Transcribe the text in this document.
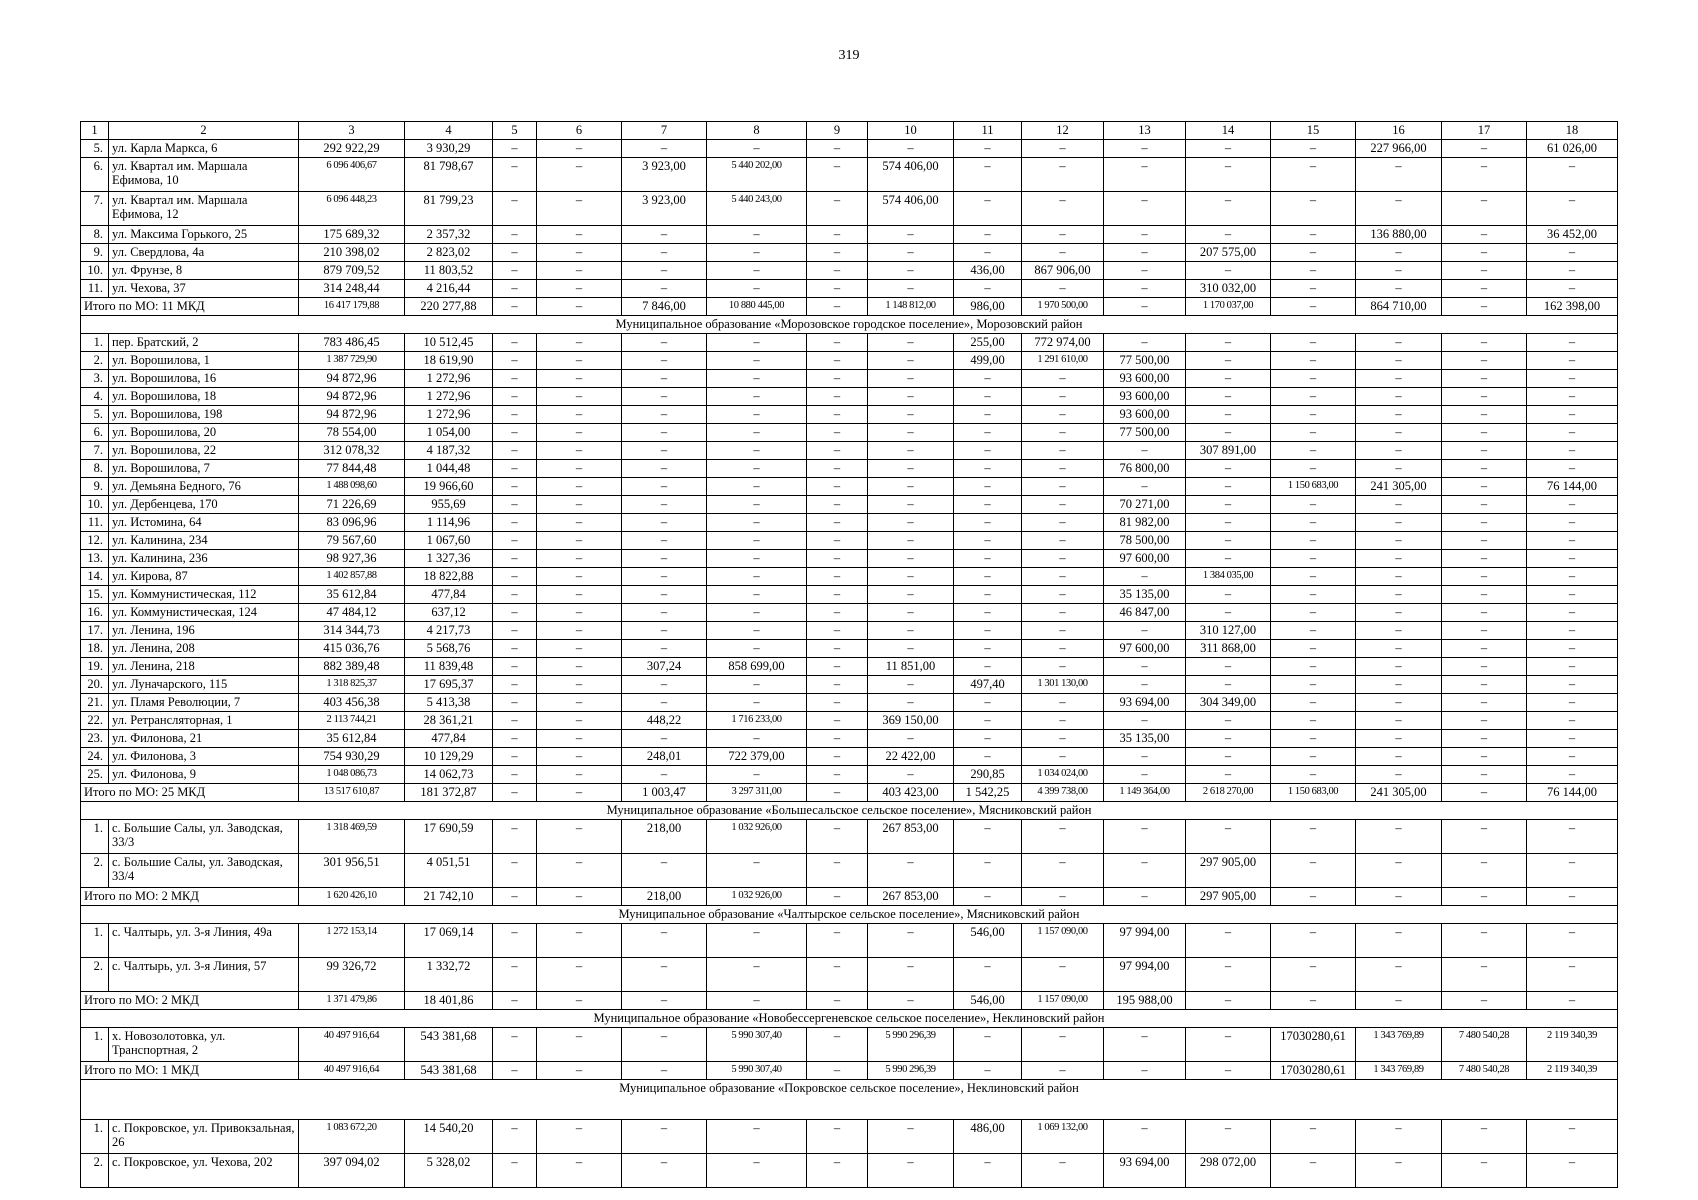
319
1	2	3	4	5	6	7	8	9	10	11	12	13	14	15	16	17	18
5.	ул. Карла Маркса, 6	292 922,29	3 930,29	–	–	–	–	–	–	–	–	–	–	–	227 966,00	–	61 026,00
6.	ул. Квартал им. Маршала Ефимова, 10	6 096 406,67	81 798,67	–	–	3 923,00	5 440 202,00	–	574 406,00	–	–	–	–	–	–	–	–
7.	ул. Квартал им. Маршала Ефимова, 12	6 096 448,23	81 799,23	–	–	3 923,00	5 440 243,00	–	574 406,00	–	–	–	–	–	–	–	–
8.	ул. Максима Горького, 25	175 689,32	2 357,32	–	–	–	–	–	–	–	–	–	–	–	136 880,00	–	36 452,00
9.	ул. Свердлова, 4а	210 398,02	2 823,02	–	–	–	–	–	–	–	–	–	207 575,00	–	–	–	–
10.	ул. Фрунзе, 8	879 709,52	11 803,52	–	–	–	–	–	–	436,00	867 906,00	–	–	–	–	–	–
11.	ул. Чехова, 37	314 248,44	4 216,44	–	–	–	–	–	–	–	–	–	310 032,00	–	–	–	–
Итого по МО: 11 МКД		16 417 179,88	220 277,88	–	–	7 846,00	10 880 445,00	–	1 148 812,00	986,00	1 970 500,00	–	1 170 037,00	–	864 710,00	–	162 398,00
Муниципальное образование «Морозовское городское поселение», Морозовский район																	
1.	пер. Братский, 2	783 486,45	10 512,45	–	–	–	–	–	–	255,00	772 974,00	–	–	–	–	–	–
2.	ул. Ворошилова, 1	1 387 729,90	18 619,90	–	–	–	–	–	–	499,00	1 291 610,00	77 500,00	–	–	–	–	–
3.	ул. Ворошилова, 16	94 872,96	1 272,96	–	–	–	–	–	–	–	–	93 600,00	–	–	–	–	–
4.	ул. Ворошилова, 18	94 872,96	1 272,96	–	–	–	–	–	–	–	–	93 600,00	–	–	–	–	–
5.	ул. Ворошилова, 198	94 872,96	1 272,96	–	–	–	–	–	–	–	–	93 600,00	–	–	–	–	–
6.	ул. Ворошилова, 20	78 554,00	1 054,00	–	–	–	–	–	–	–	–	77 500,00	–	–	–	–	–
7.	ул. Ворошилова, 22	312 078,32	4 187,32	–	–	–	–	–	–	–	–	–	307 891,00	–	–	–	–
8.	ул. Ворошилова, 7	77 844,48	1 044,48	–	–	–	–	–	–	–	–	76 800,00	–	–	–	–	–
9.	ул. Демьяна Бедного, 76	1 488 098,60	19 966,60	–	–	–	–	–	–	–	–	–	–	1 150 683,00	241 305,00	–	76 144,00
10.	ул. Дербенцева, 170	71 226,69	955,69	–	–	–	–	–	–	–	–	70 271,00	–	–	–	–	–
11.	ул. Истомина, 64	83 096,96	1 114,96	–	–	–	–	–	–	–	–	81 982,00	–	–	–	–	–
12.	ул. Калинина, 234	79 567,60	1 067,60	–	–	–	–	–	–	–	–	78 500,00	–	–	–	–	–
13.	ул. Калинина, 236	98 927,36	1 327,36	–	–	–	–	–	–	–	–	97 600,00	–	–	–	–	–
14.	ул. Кирова, 87	1 402 857,88	18 822,88	–	–	–	–	–	–	–	–	–	1 384 035,00	–	–	–	–
15.	ул. Коммунистическая, 112	35 612,84	477,84	–	–	–	–	–	–	–	–	35 135,00	–	–	–	–	–
16.	ул. Коммунистическая, 124	47 484,12	637,12	–	–	–	–	–	–	–	–	46 847,00	–	–	–	–	–
17.	ул. Ленина, 196	314 344,73	4 217,73	–	–	–	–	–	–	–	–	–	310 127,00	–	–	–	–
18.	ул. Ленина, 208	415 036,76	5 568,76	–	–	–	–	–	–	–	–	97 600,00	311 868,00	–	–	–	–
19.	ул. Ленина, 218	882 389,48	11 839,48	–	–	307,24	858 699,00	–	11 851,00	–	–	–	–	–	–	–	–
20.	ул. Луначарского, 115	1 318 825,37	17 695,37	–	–	–	–	–	–	497,40	1 301 130,00	–	–	–	–	–	–
21.	ул. Пламя Революции, 7	403 456,38	5 413,38	–	–	–	–	–	–	–	–	93 694,00	304 349,00	–	–	–	–
22.	ул. Ретрансляторная, 1	2 113 744,21	28 361,21	–	–	448,22	1 716 233,00	–	369 150,00	–	–	–	–	–	–	–	–
23.	ул. Филонова, 21	35 612,84	477,84	–	–	–	–	–	–	–	–	35 135,00	–	–	–	–	–
24.	ул. Филонова, 3	754 930,29	10 129,29	–	–	248,01	722 379,00	–	22 422,00	–	–	–	–	–	–	–	–
25.	ул. Филонова, 9	1 048 086,73	14 062,73	–	–	–	–	–	–	290,85	1 034 024,00	–	–	–	–	–	–
Итого по МО: 25 МКД		13 517 610,87	181 372,87	–	–	1 003,47	3 297 311,00	–	403 423,00	1 542,25	4 399 738,00	1 149 364,00	2 618 270,00	1 150 683,00	241 305,00	–	76 144,00
Муниципальное образование «Большесальское сельское поселение», Мясниковский район																	
1.	с. Большие Салы, ул. Заводская, 33/3	1 318 469,59	17 690,59	–	–	218,00	1 032 926,00	–	267 853,00	–	–	–	–	–	–	–	–
2.	с. Большие Салы, ул. Заводская, 33/4	301 956,51	4 051,51	–	–	–	–	–	–	–	–	–	297 905,00	–	–	–	–
Итого по МО: 2 МКД		1 620 426,10	21 742,10	–	–	218,00	1 032 926,00	–	267 853,00	–	–	–	297 905,00	–	–	–	–
Муниципальное образование «Чалтырское сельское поселение», Мясниковский район																	
1.	с. Чалтырь, ул. 3-я Линия, 49а	1 272 153,14	17 069,14	–	–	–	–	–	–	546,00	1 157 090,00	97 994,00	–	–	–	–	–
2.	с. Чалтырь, ул. 3-я Линия, 57	99 326,72	1 332,72	–	–	–	–	–	–	–	–	97 994,00	–	–	–	–	–
Итого по МО: 2 МКД		1 371 479,86	18 401,86	–	–	–	–	–	–	546,00	1 157 090,00	195 988,00	–	–	–	–	–
Муниципальное образование «Новобессергеневское сельское поселение», Неклиновский район																	
1.	х. Новозолотовка, ул. Транспортная, 2	40 497 916,64	543 381,68	–	–	–	5 990 307,40	–	5 990 296,39	–	–	–	–	17030280,61	1 343 769,89	7 480 540,28	2 119 340,39
Итого по МО: 1 МКД		40 497 916,64	543 381,68	–	–	–	5 990 307,40	–	5 990 296,39	–	–	–	–	17030280,61	1 343 769,89	7 480 540,28	2 119 340,39
Муниципальное образование «Покровское сельское поселение», Неклиновский район																	
1.	с. Покровское, ул. Привокзальная, 26	1 083 672,20	14 540,20	–	–	–	–	–	–	486,00	1 069 132,00	–	–	–	–	–	–
2.	с. Покровское, ул. Чехова, 202	397 094,02	5 328,02	–	–	–	–	–	–	–	–	93 694,00	298 072,00	–	–	–	–
